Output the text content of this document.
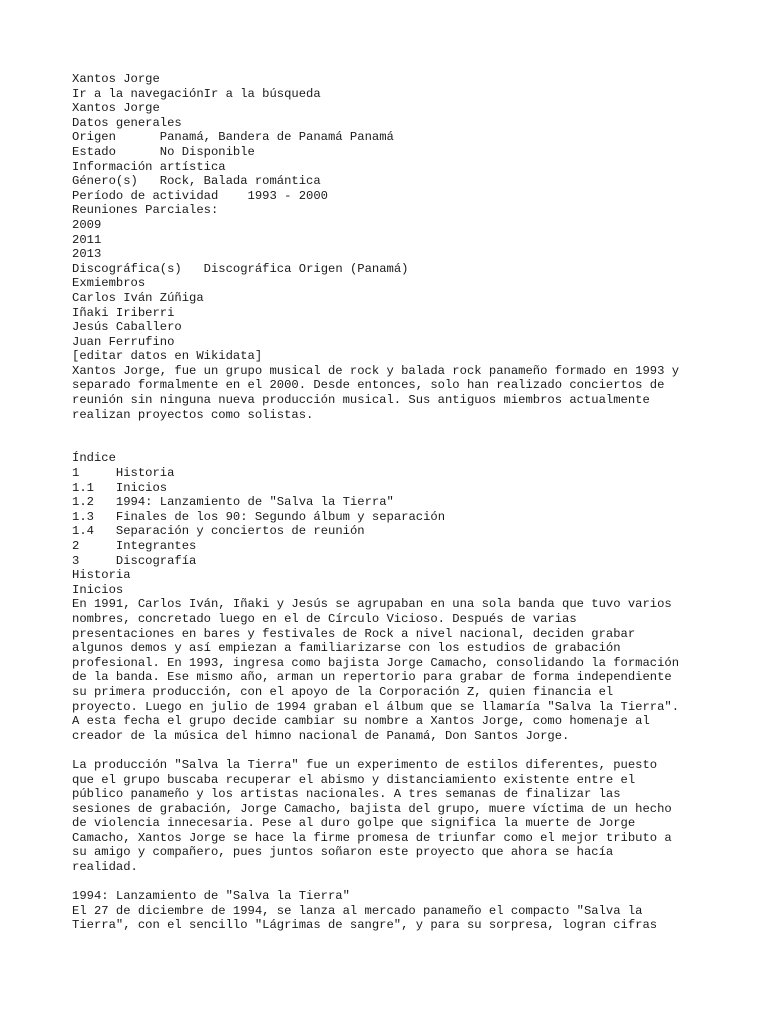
Xantos Jorge
Ir a la navegaciónIr a la búsqueda
Xantos Jorge
Datos generales
Origen	Panamá, Bandera de Panamá Panamá
Estado	No Disponible
Información artística
Género(s) Rock, Balada romántica
Período de actividad 1993 - 2000
Reuniones Parciales:
2009
2011
2013
Discográfica(s) Discográfica Origen (Panamá)
Exmiembros
Carlos Iván Zúñiga
Iñaki Iriberri
Jesús Caballero
Juan Ferrufino
[editar datos en Wikidata]
Xantos Jorge, fue un grupo musical de rock y balada rock panameño formado en 1993 y
separado formalmente en el 2000. Desde entonces, solo han realizado conciertos de
reunión sin ninguna nueva producción musical. Sus antiguos miembros actualmente
realizan proyectos como solistas.
Índice
1	Historia
1.1 Inicios
1.2 1994: Lanzamiento de "Salva la Tierra"
1.3 Finales de los 90: Segundo álbum y separación
1.4 Separación y conciertos de reunión
2	Integrantes
3	Discografía
Historia
Inicios
En 1991, Carlos Iván, Iñaki y Jesús se agrupaban en una sola banda que tuvo varios
nombres, concretado luego en el de Círculo Vicioso. Después de varias
presentaciones en bares y festivales de Rock a nivel nacional, deciden grabar
algunos demos y así empiezan a familiarizarse con los estudios de grabación
profesional. En 1993, ingresa como bajista Jorge Camacho, consolidando la formación
de la banda. Ese mismo año, arman un repertorio para grabar de forma independiente
su primera producción, con el apoyo de la Corporación Z, quien financia el
proyecto. Luego en julio de 1994 graban el álbum que se llamaría "Salva la Tierra".
A esta fecha el grupo decide cambiar su nombre a Xantos Jorge, como homenaje al
creador de la música del himno nacional de Panamá, Don Santos Jorge.
La producción "Salva la Tierra" fue un experimento de estilos diferentes, puesto
que el grupo buscaba recuperar el abismo y distanciamiento existente entre el
público panameño y los artistas nacionales. A tres semanas de finalizar las
sesiones de grabación, Jorge Camacho, bajista del grupo, muere víctima de un hecho
de violencia innecesaria. Pese al duro golpe que significa la muerte de Jorge
Camacho, Xantos Jorge se hace la firme promesa de triunfar como el mejor tributo a
su amigo y compañero, pues juntos soñaron este proyecto que ahora se hacía
realidad.
1994: Lanzamiento de "Salva la Tierra"
El 27 de diciembre de 1994, se lanza al mercado panameño el compacto "Salva la
Tierra", con el sencillo "Lágrimas de sangre", y para su sorpresa, logran cifras
